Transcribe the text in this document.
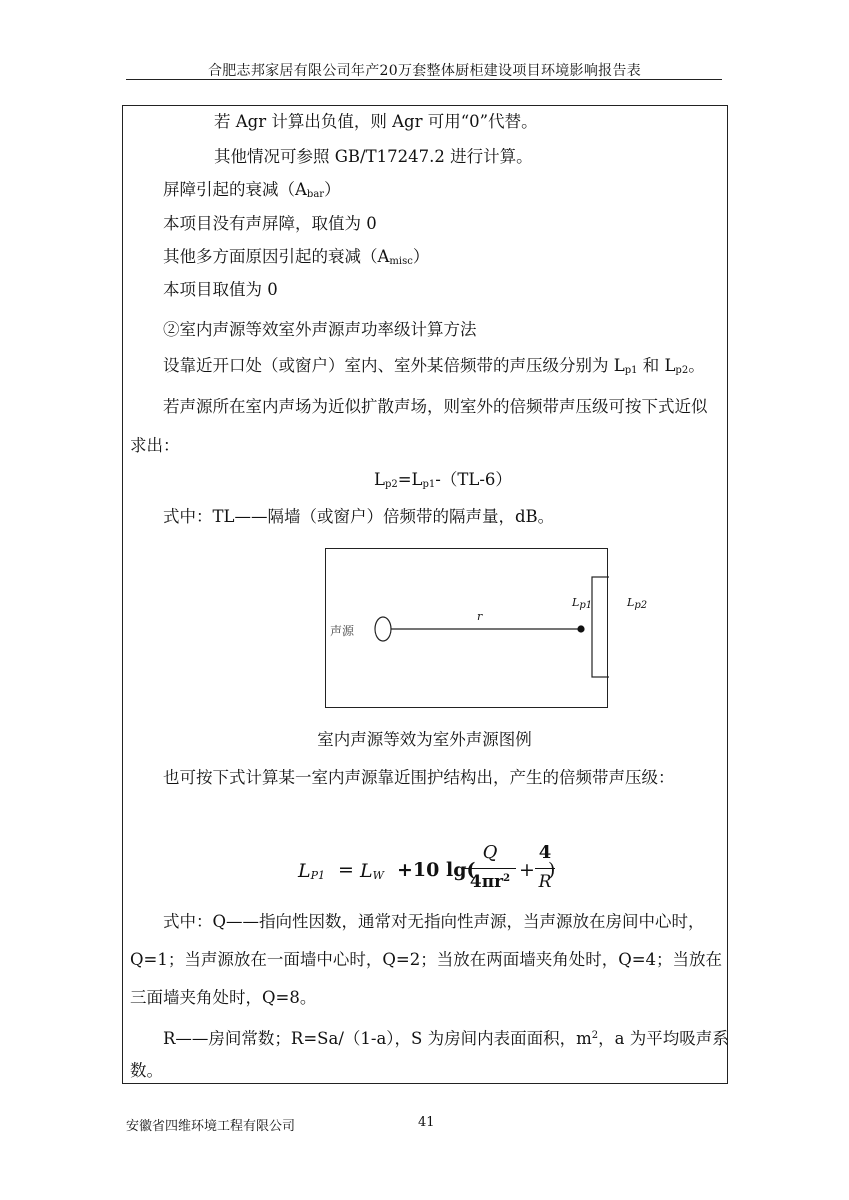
合肥志邦家居有限公司年产20万套整体厨柜建设项目环境影响报告表
若 Agr 计算出负值，则 Agr 可用“0”代替。
其他情况可参照 GB/T17247.2 进行计算。
屏障引起的衰减$(A_{bar})$
本项目没有声屏障，取值为 0
其他多方面原因引起的衰减$(A_{misc})$
本项目取值为 0
②室内声源等效室外声源声功率级计算方法
设靠近开口处（或窗户）室内、室外某倍频带的声压级分别为 $L_{p1}$ 和 $L_{p2}$。
若声源所在室内声场为近似扩散声场，则室外的倍频带声压级可按下式近似
求出：
$L_{p2}=L_{p1}-(TL-6)$
式中：TL——隔墙（或窗户）倍频带的隔声量，dB。
声源
r
$L_{p1}$	$L_{p2}$
室内声源等效为室外声源图例
也可按下式计算某一室内声源靠近围护结构出，产生的倍频带声压级：
$L_{P1} = L_W +10$ lg(
Q
$4\pi r^2$ +
4
R
)
式中：Q——指向性因数，通常对无指向性声源，当声源放在房间中心时，
Q=1；当声源放在一面墙中心时，Q=2；当放在两面墙夹角处时，Q=4；当放在
三面墙夹角处时，Q=8。
R——房间常数；R=Sa/（1-a），S 为房间内表面面积，$m^2$，a 为平均吸声系
数。
安徽省四维环境工程有限公司	41
